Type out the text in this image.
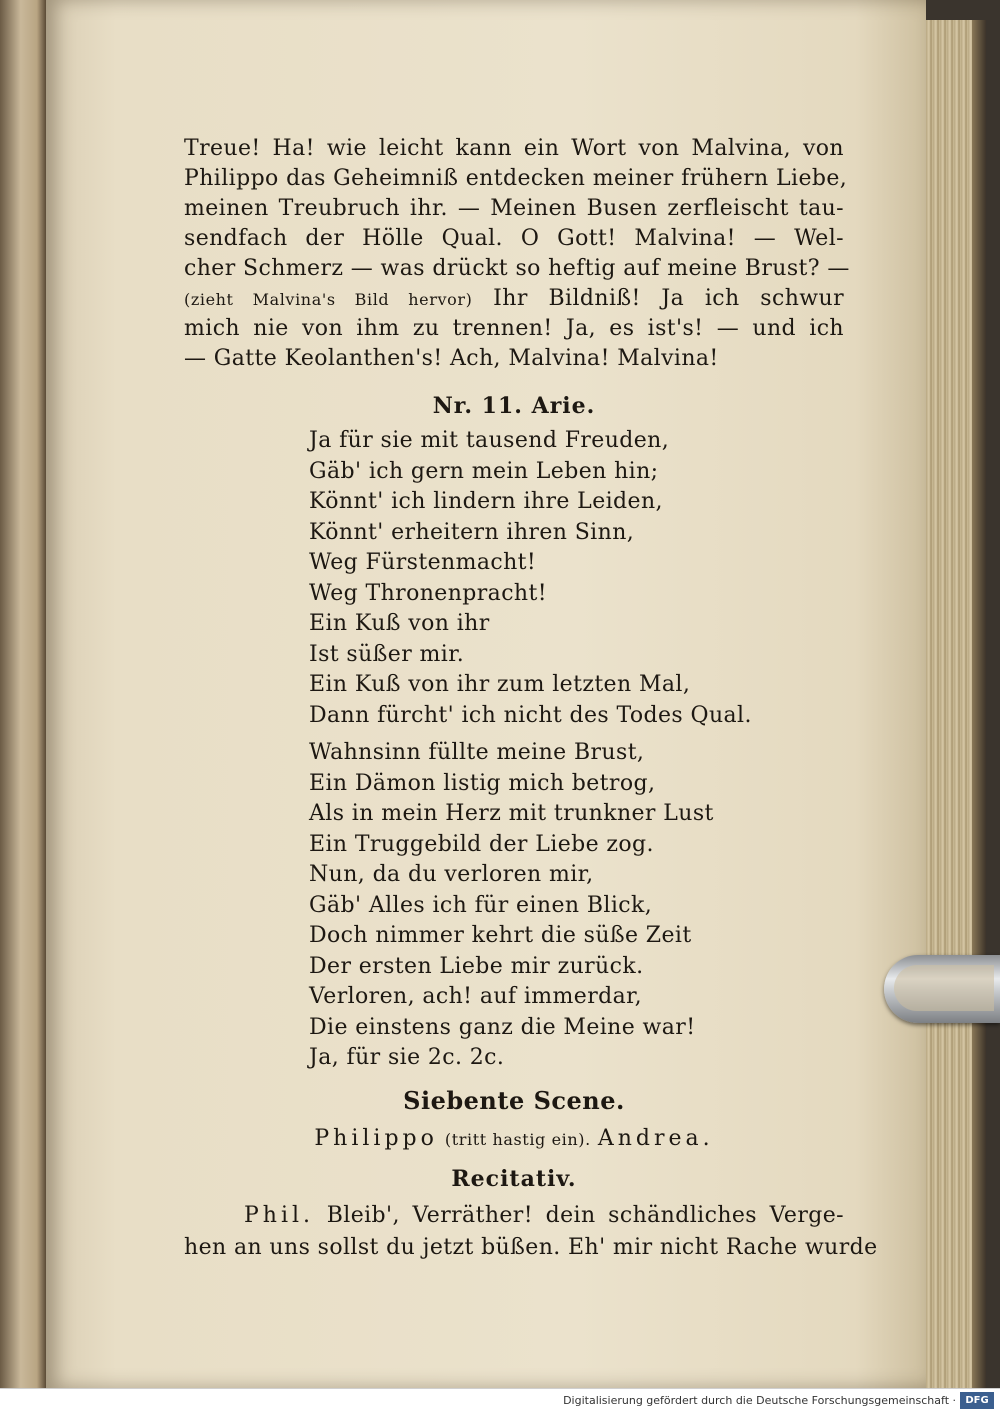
Treue! Ha! wie leicht kann ein Wort von Malvina, von
Philippo das Geheimniß entdecken meiner frühern Liebe,
meinen Treubruch ihr. — Meinen Busen zerfleischt tau-
sendfach der Hölle Qual. O Gott! Malvina! — Wel-
cher Schmerz — was drückt so heftig auf meine Brust? —
(zieht Malvina's Bild hervor) Ihr Bildniß! Ja ich schwur
mich nie von ihm zu trennen! Ja, es ist's! — und ich
— Gatte Keolanthen's! Ach, Malvina! Malvina!
Nr. 11. Arie.
Ja für sie mit tausend Freuden,
Gäb' ich gern mein Leben hin;
Könnt' ich lindern ihre Leiden,
Könnt' erheitern ihren Sinn,
Weg Fürstenmacht!
Weg Thronenpracht!
Ein Kuß von ihr
Ist süßer mir.
Ein Kuß von ihr zum letzten Mal,
Dann fürcht' ich nicht des Todes Qual.
Wahnsinn füllte meine Brust,
Ein Dämon listig mich betrog,
Als in mein Herz mit trunkner Lust
Ein Truggebild der Liebe zog.
Nun, da du verloren mir,
Gäb' Alles ich für einen Blick,
Doch nimmer kehrt die süße Zeit
Der ersten Liebe mir zurück.
Verloren, ach! auf immerdar,
Die einstens ganz die Meine war!
Ja, für sie 2c. 2c.
Siebente Scene.
Philippo (tritt hastig ein). Andrea.
Recitativ.
Phil. Bleib', Verräther! dein schändliches Verge-
hen an uns sollst du jetzt büßen. Eh' mir nicht Rache wurde
Digitalisierung gefördert durch die Deutsche Forschungsgemeinschaft · DFG
